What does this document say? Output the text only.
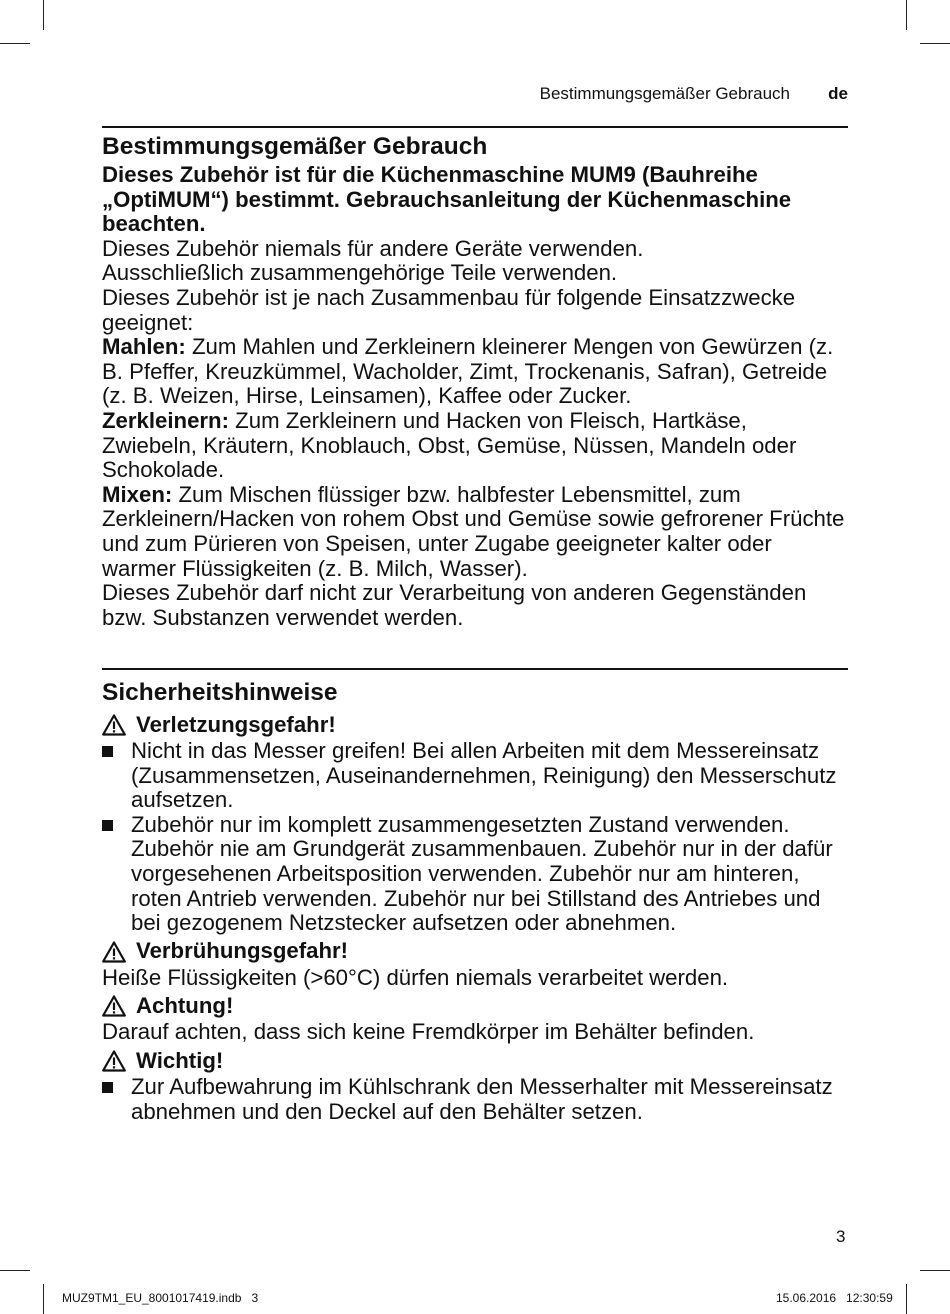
Bestimmungsgemäßer Gebrauch de
Bestimmungsgemäßer Gebrauch

Dieses Zubehör ist für die Küchenmaschine MUM9 (Bauhreihe „OptiMUM“) bestimmt. Gebrauchsanleitung der Küchenmaschine beachten.

Dieses Zubehör niemals für andere Geräte verwenden.

Ausschließlich zusammengehörige Teile verwenden.

Dieses Zubehör ist je nach Zusammenbau für folgende Einsatzzwecke geeignet:

Mahlen: Zum Mahlen und Zerkleinern kleinerer Mengen von Gewürzen (z. B. Pfeffer, Kreuzkümmel, Wacholder, Zimt, Trockenanis, Safran), Getreide (z. B. Weizen, Hirse, Leinsamen), Kaffee oder Zucker.

Zerkleinern: Zum Zerkleinern und Hacken von Fleisch, Hartkäse, Zwiebeln, Kräutern, Knoblauch, Obst, Gemüse, Nüssen, Mandeln oder Schokolade.

Mixen: Zum Mischen flüssiger bzw. halbfester Lebensmittel, zum Zerkleinern/Hacken von rohem Obst und Gemüse sowie gefrorener Früchte und zum Pürieren von Speisen, unter Zugabe geeigneter kalter oder warmer Flüssigkeiten (z. B. Milch, Wasser).

Dieses Zubehör darf nicht zur Verarbeitung von anderen Gegenständen bzw. Substanzen verwendet werden.

Sicherheitshinweise
Verletzungsgefahr!
Nicht in das Messer greifen! Bei allen Arbeiten mit dem Messereinsatz (Zusammensetzen, Auseinandernehmen, Reinigung) den Messerschutz aufsetzen.
Zubehör nur im komplett zusammengesetzten Zustand verwenden. Zubehör nie am Grundgerät zusammenbauen. Zubehör nur in der dafür vorgesehenen Arbeitsposition verwenden. Zubehör nur am hinteren, roten Antrieb verwenden. Zubehör nur bei Stillstand des Antriebes und bei gezogenem Netzstecker aufsetzen oder abnehmen.
Verbrühungsgefahr!

Heiße Flüssigkeiten (>60°C) dürfen niemals verarbeitet werden.

Achtung!

Darauf achten, dass sich keine Fremdkörper im Behälter befinden.

Wichtig!
Zur Aufbewahrung im Kühlschrank den Messerhalter mit Messereinsatz abnehmen und den Deckel auf den Behälter setzen.
3
MUZ9TM1_EU_8001017419.indb   3	15.06.2016   12:30:59
